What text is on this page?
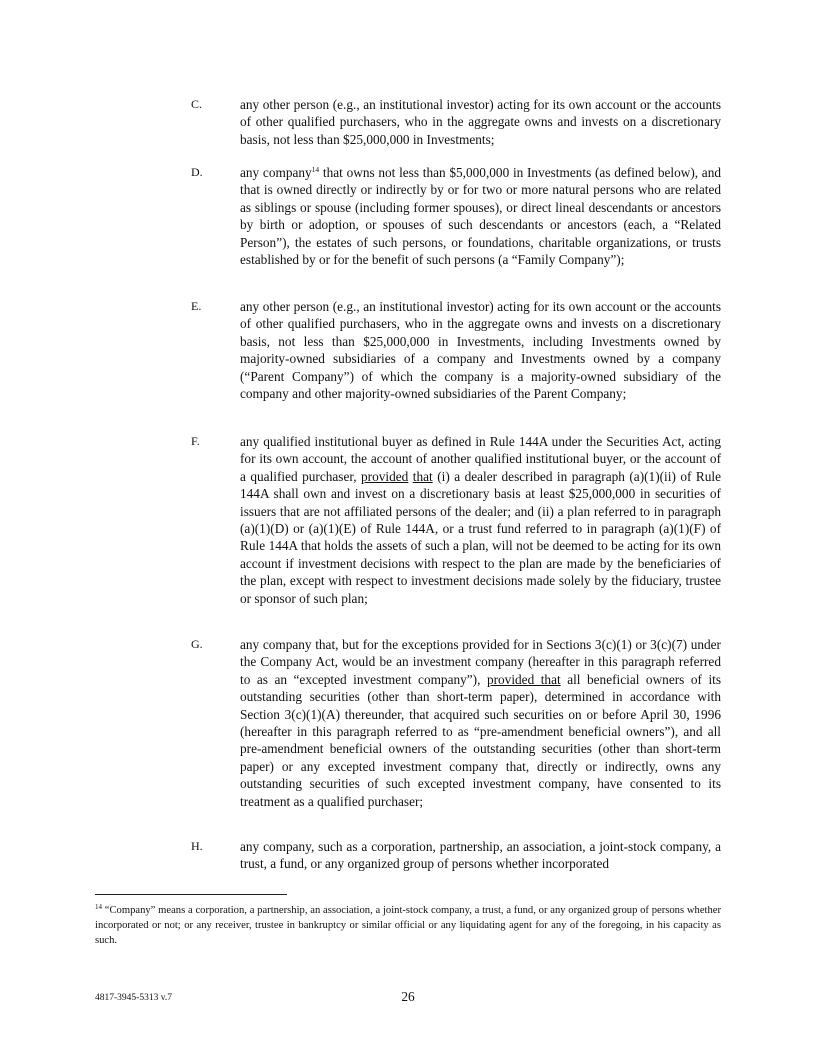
C.	any other person (e.g., an institutional investor) acting for its own account or the accounts of other qualified purchasers, who in the aggregate owns and invests on a discretionary basis, not less than $25,000,000 in Investments;
D.	any company$^{14}$ that owns not less than $5,000,000 in Investments (as defined below), and that is owned directly or indirectly by or for two or more natural persons who are related as siblings or spouse (including former spouses), or direct lineal descendants or ancestors by birth or adoption, or spouses of such descendants or ancestors (each, a “Related Person”), the estates of such persons, or foundations, charitable organizations, or trusts established by or for the benefit of such persons (a “Family Company”);
E.	any other person (e.g., an institutional investor) acting for its own account or the accounts of other qualified purchasers, who in the aggregate owns and invests on a discretionary basis, not less than $25,000,000 in Investments, including Investments owned by majority-owned subsidiaries of a company and Investments owned by a company (“Parent Company”) of which the company is a majority-owned subsidiary of the company and other majority-owned subsidiaries of the Parent Company;
F.	any qualified institutional buyer as defined in Rule 144A under the Securities Act, acting for its own account, the account of another qualified institutional buyer, or the account of a qualified purchaser, provided that (i) a dealer described in paragraph (a)(1)(ii) of Rule 144A shall own and invest on a discretionary basis at least $25,000,000 in securities of issuers that are not affiliated persons of the dealer; and (ii) a plan referred to in paragraph (a)(1)(D) or (a)(1)(E) of Rule 144A, or a trust fund referred to in paragraph (a)(1)(F) of Rule 144A that holds the assets of such a plan, will not be deemed to be acting for its own account if investment decisions with respect to the plan are made by the beneficiaries of the plan, except with respect to investment decisions made solely by the fiduciary, trustee or sponsor of such plan;
G.	any company that, but for the exceptions provided for in Sections 3(c)(1) or 3(c)(7) under the Company Act, would be an investment company (hereafter in this paragraph referred to as an “excepted investment company”), provided that all beneficial owners of its outstanding securities (other than short-term paper), determined in accordance with Section 3(c)(1)(A) thereunder, that acquired such securities on or before April 30, 1996 (hereafter in this paragraph referred to as “pre-amendment beneficial owners”), and all pre-amendment beneficial owners of the outstanding securities (other than short-term paper) or any excepted investment company that, directly or indirectly, owns any outstanding securities of such excepted investment company, have consented to its treatment as a qualified purchaser;
H.	any company, such as a corporation, partnership, an association, a joint-stock company, a trust, a fund, or any organized group of persons whether incorporated
$^{14}$ “Company” means a corporation, a partnership, an association, a joint-stock company, a trust, a fund, or any organized group of persons whether incorporated or not; or any receiver, trustee in bankruptcy or similar official or any liquidating agent for any of the foregoing, in his capacity as such.
4817-3945-5313 v.7	26
